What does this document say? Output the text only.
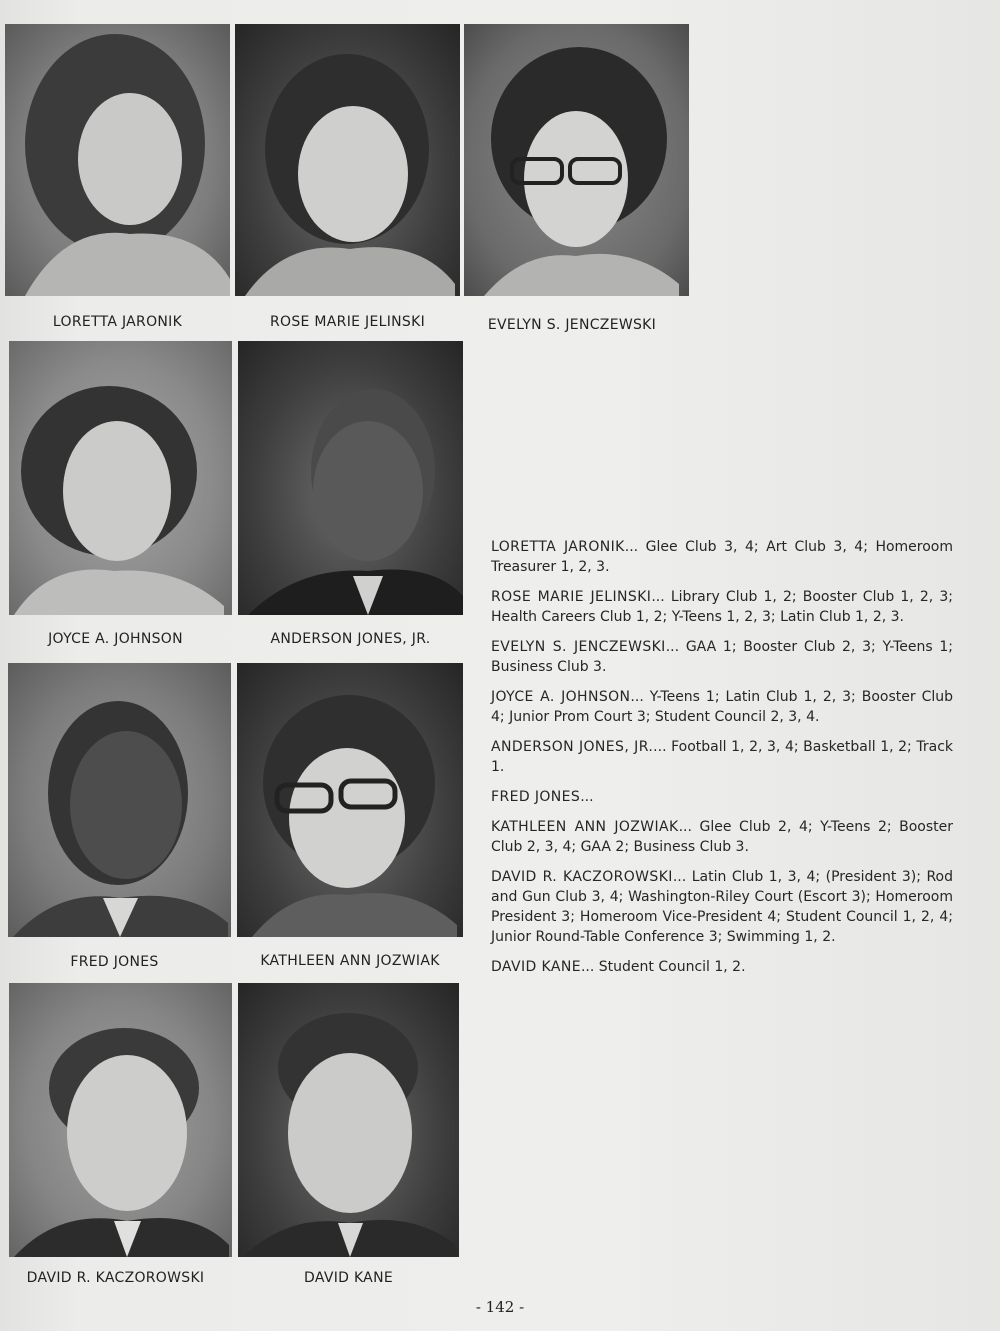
LORETTA JARONIK	ROSE MARIE JELINSKI	EVELYN S. JENCZEWSKI
JOYCE A. JOHNSON	ANDERSON JONES, JR.
FRED JONES	KATHLEEN ANN JOZWIAK
DAVID R. KACZOROWSKI	DAVID KANE

LORETTA JARONIK... Glee Club 3, 4; Art Club 3, 4; Homeroom Treasurer 1, 2, 3.

ROSE MARIE JELINSKI... Library Club 1, 2; Booster Club 1, 2, 3; Health Careers Club 1, 2; Y-Teens 1, 2, 3; Latin Club 1, 2, 3.

EVELYN S. JENCZEWSKI... GAA 1; Booster Club 2, 3; Y-Teens 1; Business Club 3.

JOYCE A. JOHNSON... Y-Teens 1; Latin Club 1, 2, 3; Booster Club 4; Junior Prom Court 3; Student Council 2, 3, 4.

ANDERSON JONES, JR.... Football 1, 2, 3, 4; Basketball 1, 2; Track 1.

FRED JONES...

KATHLEEN ANN JOZWIAK... Glee Club 2, 4; Y-Teens 2; Booster Club 2, 3, 4; GAA 2; Business Club 3.

DAVID R. KACZOROWSKI... Latin Club 1, 3, 4; (President 3); Rod and Gun Club 3, 4; Washington-Riley Court (Escort 3); Homeroom President 3; Homeroom Vice-President 4; Student Council 1, 2, 4; Junior Round-Table Conference 3; Swimming 1, 2.

DAVID KANE... Student Council 1, 2.

- 142 -
